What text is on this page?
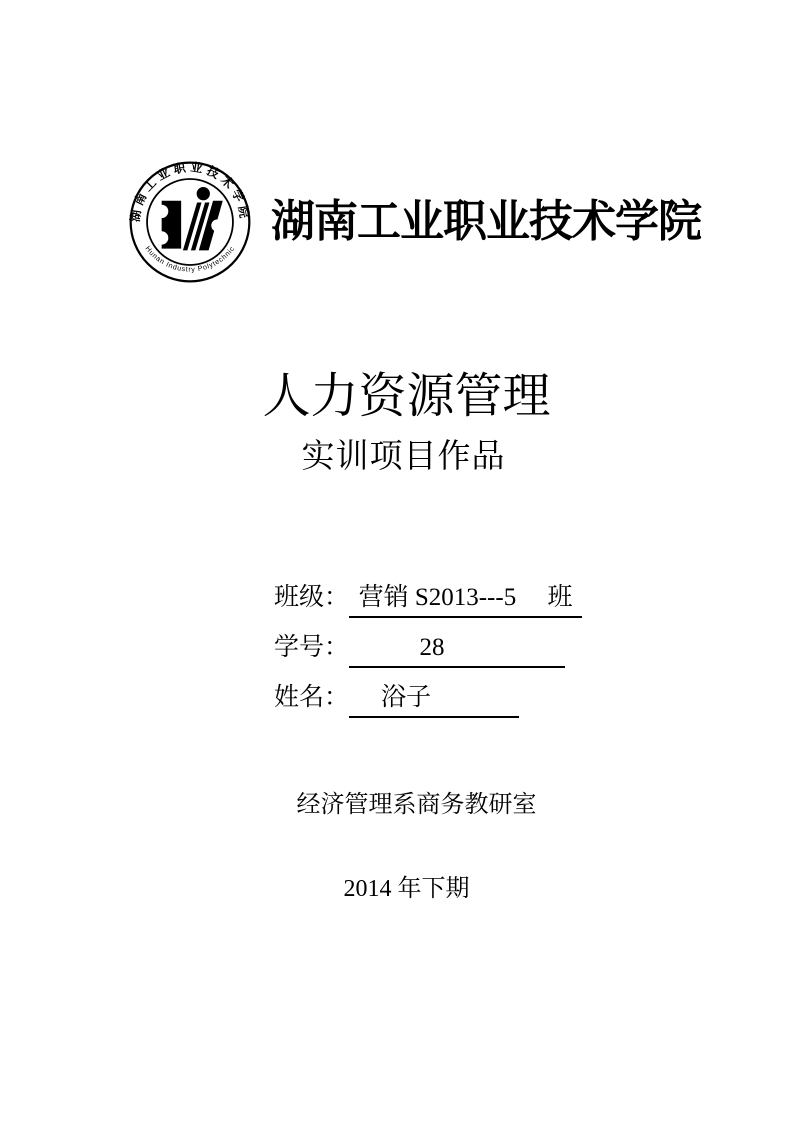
湖南工业职业技术学院
Hunan Industry Polytechnic
湖南工业职业技术学院
人力资源管理
实训项目作品
班级： 营销 S2013---5　 班
学号：	28
姓名：	浴子
经济管理系商务教研室
2014 年下期
